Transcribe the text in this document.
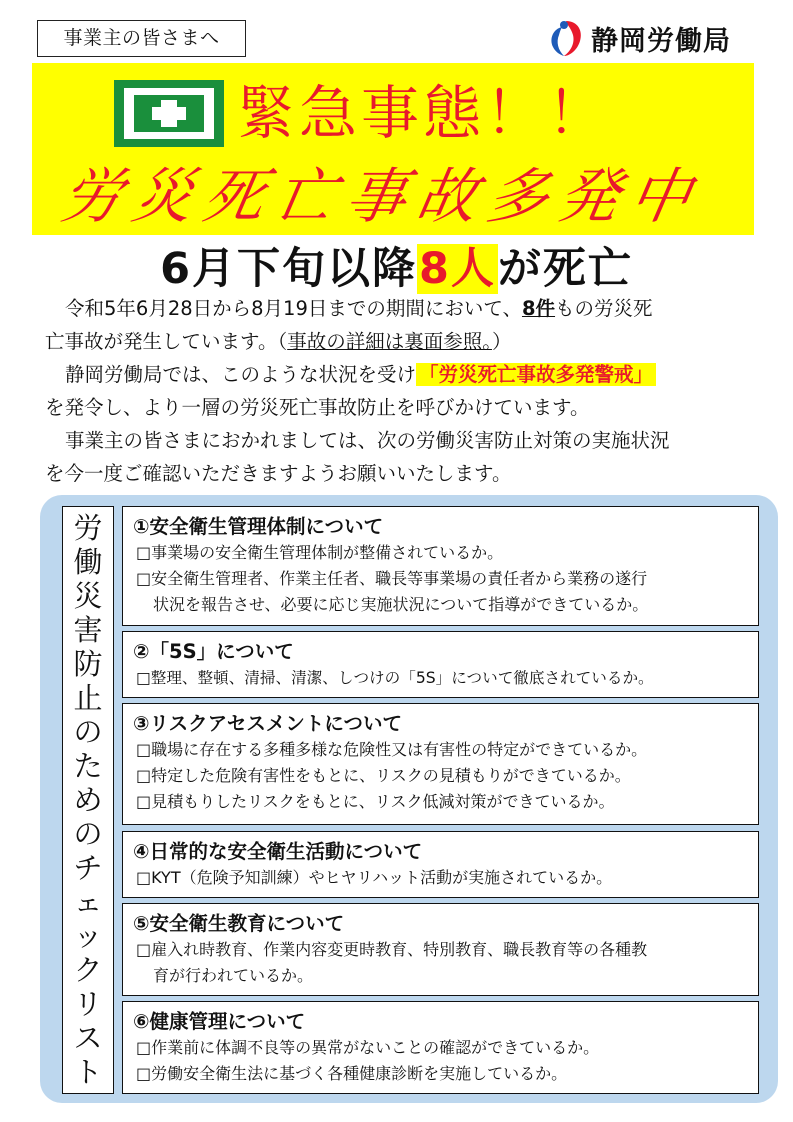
事業主の皆さまへ	静岡労働局
緊急事態！！
労災死亡事故多発中
6月下旬以降8人が死亡

令和5年6月28日から8月19日までの期間において、8件もの労災死

亡事故が発生しています。（事故の詳細は裏面参照。）

静岡労働局では、このような状況を受け 「労災死亡事故多発警戒」

を発令し、より一層の労災死亡事故防止を呼びかけています。

事業主の皆さまにおかれましては、次の労働災害防止対策の実施状況

を今一度ご確認いただきますようお願いいたします。

労
働
災
害
防
止
の
た
め
の
チ
ェ
ッ
ク
リ
ス
ト
①安全衛生管理体制について
□事業場の安全衛生管理体制が整備されているか。
□安全衛生管理者、作業主任者、職長等事業場の責任者から業務の遂行
状況を報告させ、必要に応じ実施状況について指導ができているか。
②「5S」について
□整理、整頓、清掃、清潔、しつけの「5S」について徹底されているか。
③リスクアセスメントについて
□職場に存在する多種多様な危険性又は有害性の特定ができているか。
□特定した危険有害性をもとに、リスクの見積もりができているか。
□見積もりしたリスクをもとに、リスク低減対策ができているか。
④日常的な安全衛生活動について
□KYT（危険予知訓練）やヒヤリハット活動が実施されているか。
⑤安全衛生教育について
□雇入れ時教育、作業内容変更時教育、特別教育、職長教育等の各種教
育が行われているか。
⑥健康管理について
□作業前に体調不良等の異常がないことの確認ができているか。
□労働安全衛生法に基づく各種健康診断を実施しているか。
